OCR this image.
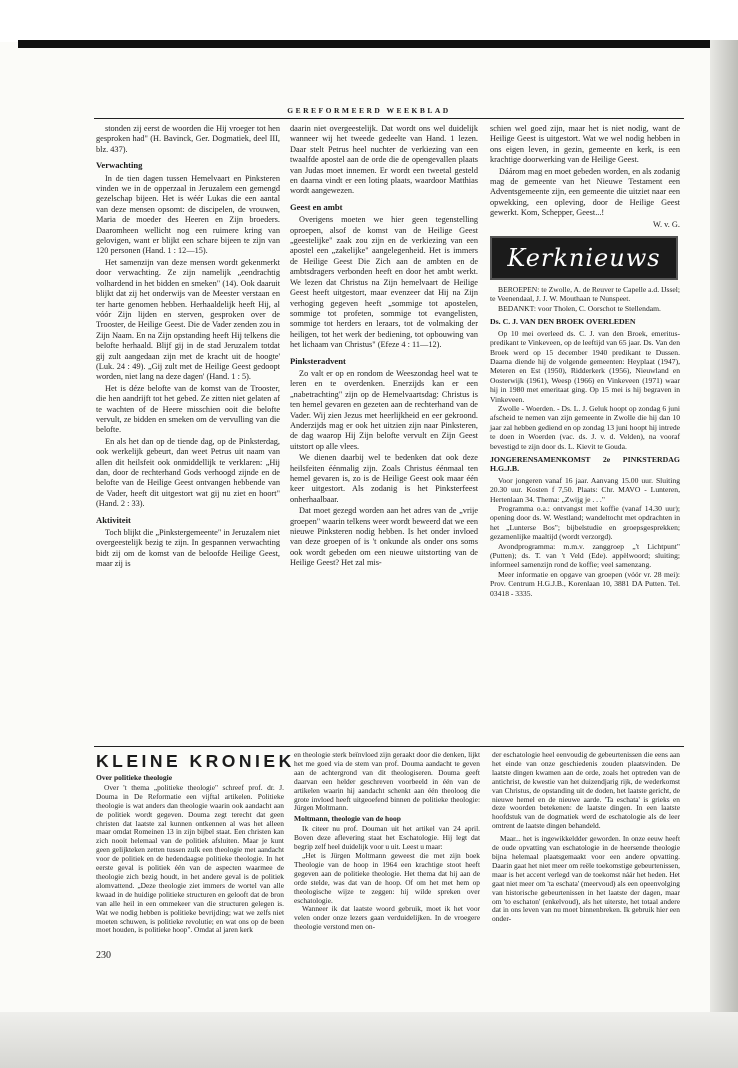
GEREFORMEERD WEEKBLAD

stonden zij eerst de woorden die Hij vroeger tot hen gesproken had" (H. Bavinck, Ger. Dogmatiek, deel III, blz. 437).

Verwachting

In de tien dagen tussen Hemelvaart en Pinksteren vinden we in de opperzaal in Jeruzalem een gemengd gezelschap bijeen. Het is wéér Lukas die een aantal van deze mensen opsomt: de discipelen, de vrouwen, Maria de moeder des Heeren en Zijn broeders. Daaromheen wellicht nog een ruimere kring van gelovigen, want er blijkt een schare bijeen te zijn van 120 personen (Hand. 1 : 12—15).

Het samenzijn van deze mensen wordt gekenmerkt door verwachting. Ze zijn namelijk „eendrachtig volhardend in het bidden en smeken" (14). Ook daaruit blijkt dat zij het onderwijs van de Meester verstaan en ter harte genomen hebben. Herhaaldelijk heeft Hij, al vóór Zijn lijden en sterven, gesproken over de Trooster, de Heilige Geest. Die de Vader zenden zou in Zijn Naam. En na Zijn opstanding heeft Hij telkens die belofte herhaald. Blijf gij in de stad Jeruzalem totdat gij zult aangedaan zijn met de kracht uit de hoogte' (Luk. 24 : 49). „Gij zult met de Heilige Geest gedoopt worden, niet lang na deze dagen' (Hand. 1 : 5).

Het is déze belofte van de komst van de Trooster, die hen aandrijft tot het gebed. Ze zitten niet gelaten af te wachten of de Heere misschien ooit die belofte vervult, ze bidden en smeken om de vervulling van die belofte.

En als het dan op de tiende dag, op de Pinksterdag, ook werkelijk gebeurt, dan weet Petrus uit naam van allen dit heilsfeit ook onmiddellijk te verklaren: „Hij dan, door de rechterhand Gods verhoogd zijnde en de belofte van de Heilige Geest ontvangen hebbende van de Vader, heeft dit uitgestort wat gij nu ziet en hoort" (Hand. 2 : 33).

Aktiviteit

Toch blijkt die „Pinkstergemeente" in Jeruzalem niet overgeestelijk bezig te zijn. In gespannen verwachting bidt zij om de komst van de beloofde Heilige Geest, maar zij is

daarin niet overgeestelijk. Dat wordt ons wel duidelijk wanneer wij het tweede gedeelte van Hand. 1 lezen. Daar stelt Petrus heel nuchter de verkiezing van een twaalfde apostel aan de orde die de opengevallen plaats van Judas moet innemen. Er wordt een tweetal gesteld en daarna vindt er een loting plaats, waardoor Matthias wordt aangewezen.

Geest en ambt

Overigens moeten we hier geen tegenstelling oproepen, alsof de komst van de Heilige Geest „geestelijke" zaak zou zijn en de verkiezing van een apostel een „zakelijke" aangelegenheid. Het is immers de Heilige Geest Die Zich aan de ambten en de ambtsdragers verbonden heeft en door het ambt werkt. We lezen dat Christus na Zijn hemelvaart de Heilige Geest heeft uitgestort, maar evenzeer dat Hij na Zijn verhoging gegeven heeft „sommige tot apostelen, sommige tot profeten, sommige tot evangelisten, sommige tot herders en leraars, tot de volmaking der heiligen, tot het werk der bediening, tot opbouwing van het lichaam van Christus" (Efeze 4 : 11—12).

Pinksteradvent

Zo valt er op en rondom de Weeszondag heel wat te leren en te overdenken. Enerzijds kan er een „nabetrachting" zijn op de Hemelvaartsdag: Christus is ten hemel gevaren en gezeten aan de rechterhand van de Vader. Wij zien Jezus met heerlijkheid en eer gekroond. Anderzijds mag er ook het uitzien zijn naar Pinksteren, de dag waarop Hij Zijn belofte vervult en Zijn Geest uitstort op alle vlees.

We dienen daarbij wel te bedenken dat ook deze heilsfeiten éénmalig zijn. Zoals Christus éénmaal ten hemel gevaren is, zo is de Heilige Geest ook maar één keer uitgestort. Als zodanig is het Pinksterfeest onherhaalbaar.

Dat moet gezegd worden aan het adres van de „vrije groepen" waarin telkens weer wordt beweerd dat we een nieuwe Pinksteren nodig hebben. Is het onder invloed van deze groepen of is 't onkunde als onder ons soms ook wordt gebeden om een nieuwe uitstorting van de Heilige Geest? Het zal mis-

schien wel goed zijn, maar het is niet nodig, want de Heilige Geest is uitgestort. Wat we wel nodig hebben in ons eigen leven, in gezin, gemeente en kerk, is een krachtige doorwerking van de Heilige Geest.

Dáárom mag en moet gebeden worden, en als zodanig mag de gemeente van het Nieuwe Testament een Adventsgemeente zijn, een gemeente die uitziet naar een opwekking, een opleving, door de Heilige Geest gewerkt. Kom, Schepper, Geest...!

W. v. G.
Kerknieuws

BEROEPEN: te Zwolle, A. de Reuver te Capelle a.d. IJssel; te Veenendaal, J. J. W. Mouthaan te Nunspeet.

BEDANKT: voor Tholen, C. Oorschot te Stellendam.

Ds. C. J. VAN DEN BROEK OVERLEDEN

Op 10 mei overleed ds. C. J. van den Broek, emeritus-predikant te Vinkeveen, op de leeftijd van 65 jaar. Ds. Van den Broek werd op 15 december 1940 predikant te Dussen. Daarna diende hij de volgende gemeenten: Heyplaat (1947), Meteren en Est (1950), Ridderkerk (1956), Nieuwland en Oosterwijk (1961), Weesp (1966) en Vinkeveen (1971) waar hij in 1980 met emeritaat ging. Op 15 mei is hij begraven in Vinkeveen.

Zwolle - Woerden. - Ds. L. J. Geluk hoopt op zondag 6 juni afscheid te nemen van zijn gemeente in Zwolle die hij dan 10 jaar zal hebben gediend en op zondag 13 juni hoopt hij intrede te doen in Woerden (vac. ds. J. v. d. Velden), na vooraf bevestigd te zijn door ds. L. Kievit te Gouda.

JONGERENSAMENKOMST 2e PINKSTERDAG H.G.J.B.

Voor jongeren vanaf 16 jaar. Aanvang 15.00 uur. Sluiting 20.30 uur. Kosten f 7,50. Plaats: Chr. MAVO - Lunteren, Hertenlaan 34. Thema: „Zwijg je . . ."

Programma o.a.: ontvangst met koffie (vanaf 14.30 uur); opening door ds. W. Westland; wandeltocht met opdrachten in het „Lunterse Bos"; bijbelstudie en groepsgesprekken; gezamenlijke maaltijd (wordt verzorgd).

Avondprogramma: m.m.v. zanggroep „'t Lichtpunt" (Putten); ds. T. van 't Veld (Ede). appèlwoord; sluiting; informeel samenzijn rond de koffie; veel samenzang.

Meer informatie en opgave van groepen (vóór vr. 28 mei): Prov. Centrum H.G.J.B., Korenlaan 10, 3881 DA Putten. Tel. 03418 - 3335.

KLEINE KRONIEK
Over politieke theologie

Over 't thema „politieke theologie" schreef prof. dr. J. Douma in De Reformatie een vijftal artikelen. Politieke theologie is wat anders dan theologie waarin ook aandacht aan de politiek wordt gegeven. Douma zegt terecht dat geen christen dat laatste zal kunnen ontkennen al was het alleen maar omdat Romeinen 13 in zijn bijbel staat. Een christen kan zich nooit helemaal van de politiek afsluiten. Maar je kunt geen gelijkteken zetten tussen zulk een theologie met aandacht voor de politiek en de hedendaagse politieke theologie. In het eerste geval is politiek één van de aspecten waarmee de theologie zich bezig houdt, in het andere geval is de politiek alomvattend. „Deze theologie ziet immers de wortel van alle kwaad in de huidige politieke structuren en gelooft dat de bron van alle heil in een ommekeer van die structuren gelegen is. Wat we nodig hebben is politieke bevrijding; wat we zelfs niet moeten schuwen, is politieke revolutie; en wat ons op de been moet houden, is politieke hoop". Omdat al jaren kerk

en theologie sterk beïnvloed zijn geraakt door die denken, lijkt het me goed via de stem van prof. Douma aandacht te geven aan de achtergrond van dit theologiseren. Douma geeft daarvan een helder geschreven voorbeeld in één van de artikelen waarin hij aandacht schenkt aan één theoloog die grote invloed heeft uitgeoefend binnen de politieke theologie: Jürgen Moltmann.

Moltmann, theologie van de hoop

Ik citeer nu prof. Douman uit het artikel van 24 april. Boven deze aflevering staat het Eschatologie. Hij legt dat begrip zelf heel duidelijk voor u uit. Leest u maar:

„Het is Jürgen Moltmann geweest die met zijn boek Theologie van de hoop in 1964 een krachtige stoot heeft gegeven aan de politieke theologie. Het thema dat hij aan de orde stelde, was dat van de hoop. Of om het met hem op theologische wijze te zeggen: hij wilde spreken over eschatologie.

Wanneer ik dat laatste woord gebruik, moet ik het voor velen onder onze lezers gaan verduidelijken. In de vroegere theologie verstond men on-

der eschatologie heel eenvoudig de gebeurtenissen die eens aan het einde van onze geschiedenis zouden plaatsvinden. De laatste dingen kwamen aan de orde, zoals het optreden van de antichrist, de kwestie van het duizendjarig rijk, de wederkomst van Christus, de opstanding uit de doden, het laatste gericht, de nieuwe hemel en de nieuwe aarde. 'Ta eschata' is grieks en deze woorden betekenen: de laatste dingen. In een laatste hoofdstuk van de dogmatiek werd de eschatologie als de leer omtrent de laatste dingen behandeld.

Maar... het is ingewikkeldder geworden. In onze eeuw heeft de oude opvatting van eschatologie in de heersende theologie bijna helemaal plaatsgemaakt voor een andere opvatting. Daarin gaat het niet meer om reële toekomstige gebeurtenissen, maar is het accent verlegd van de toekomst náár het heden. Het gaat niet meer om 'ta eschata' (meervoud) als een opeenvolging van historische gebeurtenissen in het laatste der dagen, maar om 'to eschaton' (enkelvoud), als het uiterste, het totaal andere dat in ons leven van nu moet binnenbreken. Ik gebruik hier een onder-

230
